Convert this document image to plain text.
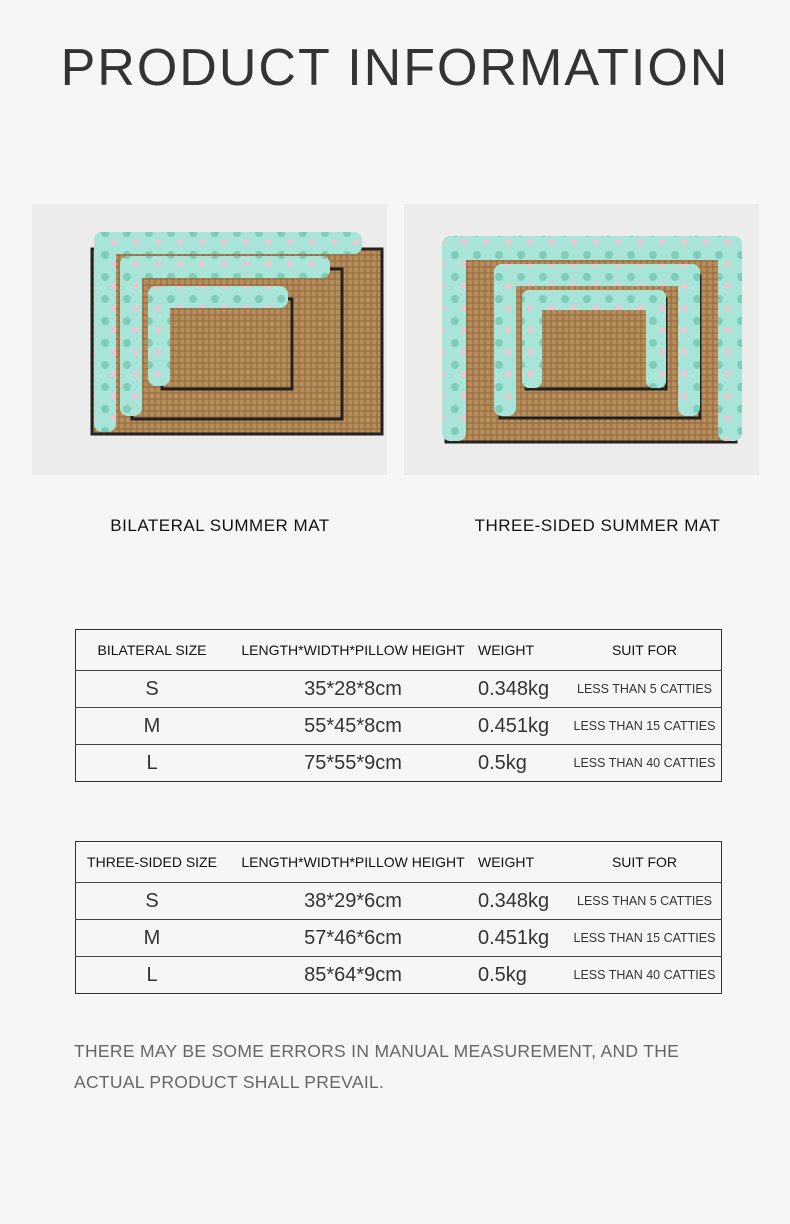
PRODUCT INFORMATION
BILATERAL SUMMER MAT	THREE-SIDED SUMMER MAT
BILATERAL SIZE	LENGTH*WIDTH*PILLOW HEIGHT	WEIGHT	SUIT FOR
S	35*28*8cm	0.348kg	LESS THAN 5 CATTIES
M	55*45*8cm	0.451kg	LESS THAN 15 CATTIES
L	75*55*9cm	0.5kg	LESS THAN 40 CATTIES
THREE-SIDED SIZE	LENGTH*WIDTH*PILLOW HEIGHT	WEIGHT	SUIT FOR
S	38*29*6cm	0.348kg	LESS THAN 5 CATTIES
M	57*46*6cm	0.451kg	LESS THAN 15 CATTIES
L	85*64*9cm	0.5kg	LESS THAN 40 CATTIES
THERE MAY BE SOME ERRORS IN MANUAL MEASUREMENT, AND THE ACTUAL PRODUCT SHALL PREVAIL.
